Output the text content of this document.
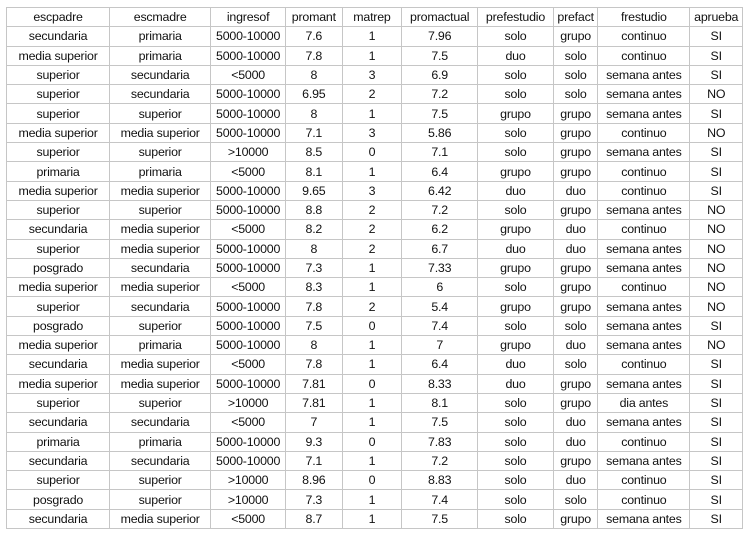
escpadre	escmadre	ingresof	promant	matrep	promactual	prefestudio	prefact	frestudio	aprueba
secundaria	primaria	5000-10000	7.6	1	7.96	solo	grupo	continuo	SI
media superior	primaria	5000-10000	7.8	1	7.5	duo	solo	continuo	SI
superior	secundaria	<5000	8	3	6.9	solo	solo	semana antes	SI
superior	secundaria	5000-10000	6.95	2	7.2	solo	solo	semana antes	NO
superior	superior	5000-10000	8	1	7.5	grupo	grupo	semana antes	SI
media superior	media superior	5000-10000	7.1	3	5.86	solo	grupo	continuo	NO
superior	superior	>10000	8.5	0	7.1	solo	grupo	semana antes	SI
primaria	primaria	<5000	8.1	1	6.4	grupo	grupo	continuo	SI
media superior	media superior	5000-10000	9.65	3	6.42	duo	duo	continuo	SI
superior	superior	5000-10000	8.8	2	7.2	solo	grupo	semana antes	NO
secundaria	media superior	<5000	8.2	2	6.2	grupo	duo	continuo	NO
superior	media superior	5000-10000	8	2	6.7	duo	duo	semana antes	NO
posgrado	secundaria	5000-10000	7.3	1	7.33	grupo	grupo	semana antes	NO
media superior	media superior	<5000	8.3	1	6	solo	grupo	continuo	NO
superior	secundaria	5000-10000	7.8	2	5.4	grupo	grupo	semana antes	NO
posgrado	superior	5000-10000	7.5	0	7.4	solo	solo	semana antes	SI
media superior	primaria	5000-10000	8	1	7	grupo	duo	semana antes	NO
secundaria	media superior	<5000	7.8	1	6.4	duo	solo	continuo	SI
media superior	media superior	5000-10000	7.81	0	8.33	duo	grupo	semana antes	SI
superior	superior	>10000	7.81	1	8.1	solo	grupo	dia antes	SI
secundaria	secundaria	<5000	7	1	7.5	solo	duo	semana antes	SI
primaria	primaria	5000-10000	9.3	0	7.83	solo	duo	continuo	SI
secundaria	secundaria	5000-10000	7.1	1	7.2	solo	grupo	semana antes	SI
superior	superior	>10000	8.96	0	8.83	solo	duo	continuo	SI
posgrado	superior	>10000	7.3	1	7.4	solo	solo	continuo	SI
secundaria	media superior	<5000	8.7	1	7.5	solo	grupo	semana antes	SI
